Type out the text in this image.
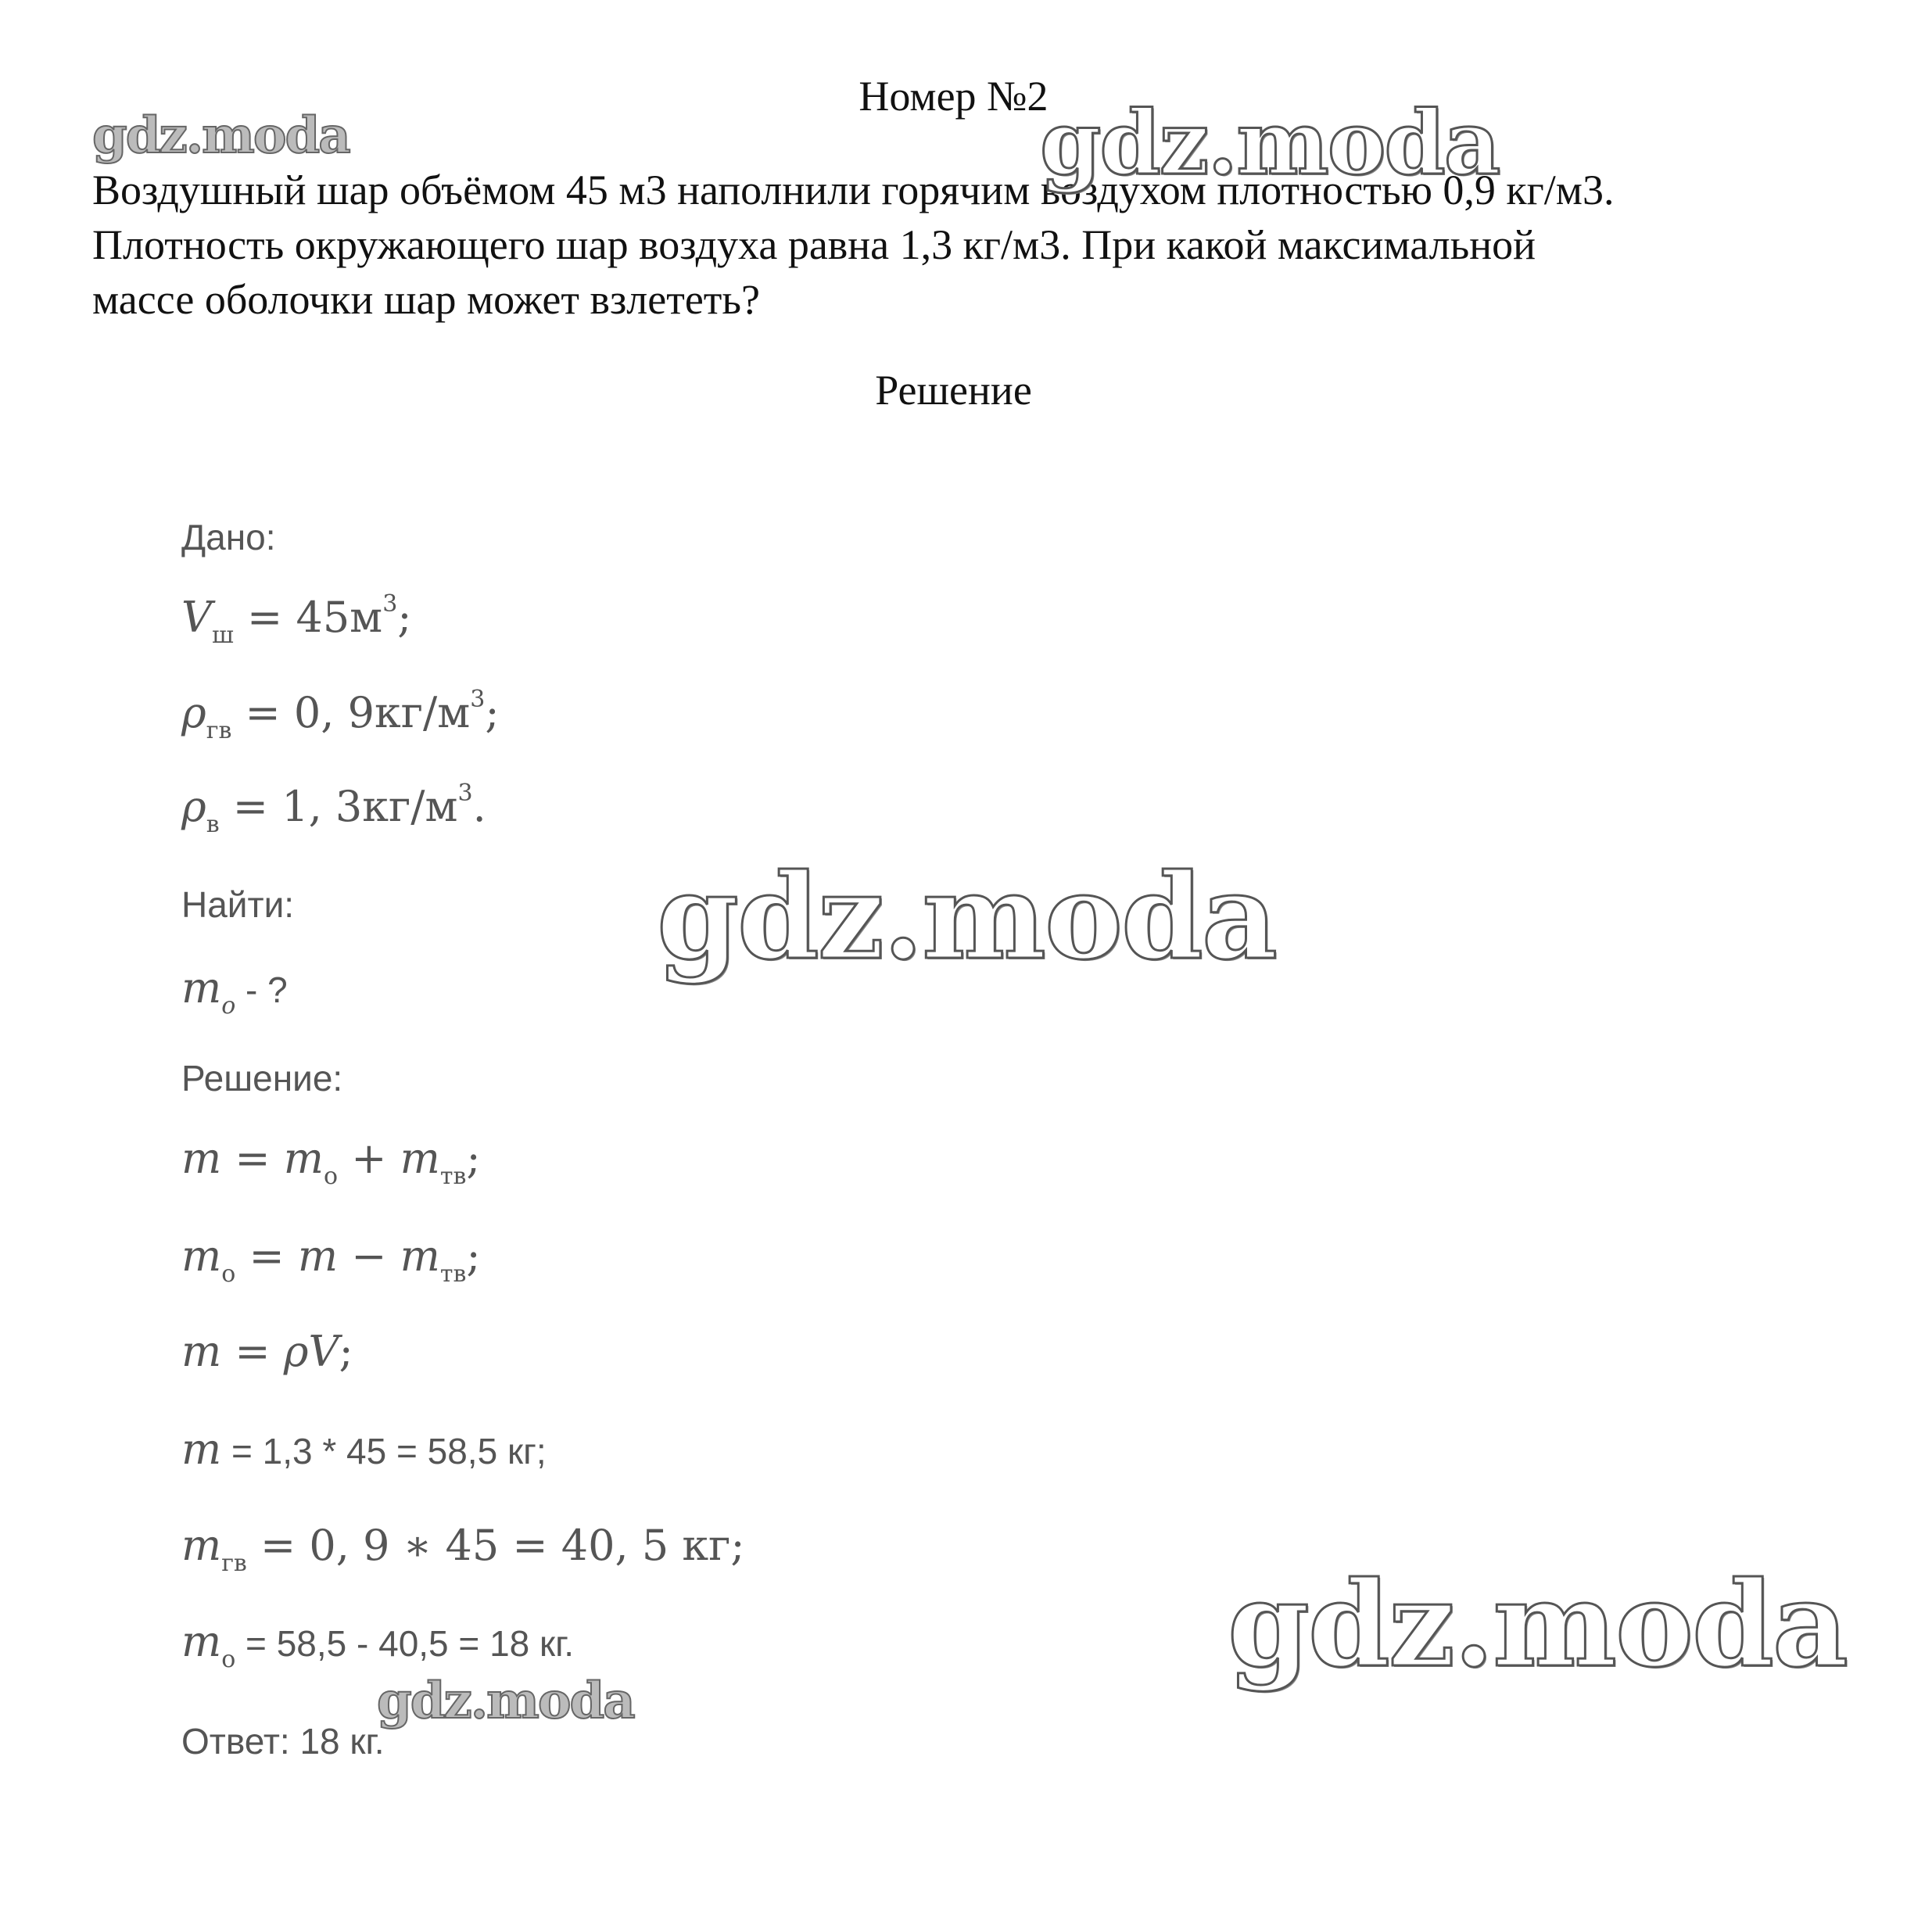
Номер №2
Воздушный шар объёмом 45 м3 наполнили горячим воздухом плотностью 0,9 кг/м3.
Плотность окружающего шар воздуха равна 1,3 кг/м3. При какой максимальной
массе оболочки шар может взлететь?
Решение
Дано:
$V_ш = 45м^3$;
$\rho_{гв} = 0$, $9кг/м^3$;
$\rho_в = 1$, $3кг/м^3$.
Найти:
$m_o$ - ?
Решение:
$m = m_o + m_{тв}$;
$m_o = m - m_{тв}$;
m = ρV;
m = 1,3 * 45 = 58,5 кг;
$m_{гв} = 0$, 9 ∗ 45 = 40, 5 кг;
$m_o = 58,5 - 40,5 = 18$ кг.
Ответ: 18 кг.
gdz.moda	gdz.moda
gdz.moda
gdz.moda
gdz.moda
